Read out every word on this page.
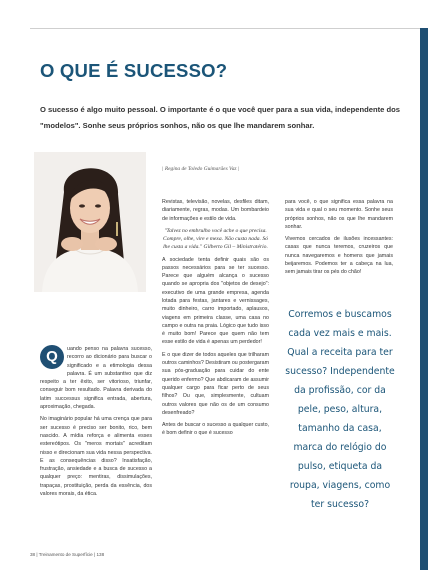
O QUE É SUCESSO?

O sucesso é algo muito pessoal. O importante é o que você quer para a sua vida, independente dos "modelos". Sonhe seus próprios sonhos, não os que lhe mandarem sonhar.

| Regina de Toledo Guimarães Vaz |
Q	uando penso na palavra sucesso, recorro ao dicionário para buscar o significado e a etimologia dessa palavra. É um substantivo que diz respeito a ter êxito, ser vitorioso, triunfar, conseguir bom resultado. Palavra derivada do latim successus significa entrada, abertura, aproximação, chegada.

No imaginário popular há uma crença que para ser sucesso é preciso ser bonito, rico, bem nascido. A mídia reforça e alimenta esses estereótipos. Os "meros mortais" acreditam nisso e direcionam sua vida nessa perspectiva. E as consequências disso? Insatisfação, frustração, ansiedade e a busca de sucesso a qualquer preço: mentiras, dissimulações, trapaças, prostituição, perda da essência, dos valores morais, da ética.

Revistas, televisão, novelas, desfiles ditam, diariamente, regras, modas. Um bombardeio de informações e estilo de vida.

"Talvez no embrulho você ache o que precisa. Compre, olhe, vire e mexa. Não custa nada. Só lhe custa a vida." Gilberto Gil – Ministratério.

A sociedade tenta definir quais são os passos necessários para se ter sucesso. Parece que alguém alcança o sucesso quando se apropria dos "objetos de desejo": executivo de uma grande empresa, agenda lotada para festas, jantares e vernissages, muito dinheiro, carro importado, aplausos, viagens em primeira classe, uma casa no campo e outra na praia. Lógico que tudo isso é muito bom! Parece que quem não tem esse estilo de vida é apenas um perdedor!

E o que dizer de todos aqueles que trilharam outros caminhos? Desistiram ou postergaram sua pós-graduação para cuidar do ente querido enfermo? Que abdicaram de assumir qualquer cargo para ficar perto de seus filhos? Ou que, simplesmente, cultuam outros valores que não os de um consumo desenfreado?

Antes de buscar o sucesso a qualquer custo, é bom definir o que é sucesso

para você, o que significa essa palavra na sua vida e qual o seu momento. Sonhe seus próprios sonhos, não os que lhe mandarem sonhar.

Vivemos cercados de ilusões incessantes: casas que nunca teremos, cruzeiros que nunca navegaremos e homens que jamais beijaremos. Podemos ter a cabeça na lua, sem jamais tirar os pés do chão!

Corremos e buscamos cada vez mais e mais. Qual a receita para ter sucesso? Independente da profissão, cor da pele, peso, altura, tamanho da casa, marca do relógio do pulso, etiqueta da roupa, viagens, como ter sucesso?
38 | Treinamento de Superfície | 138
